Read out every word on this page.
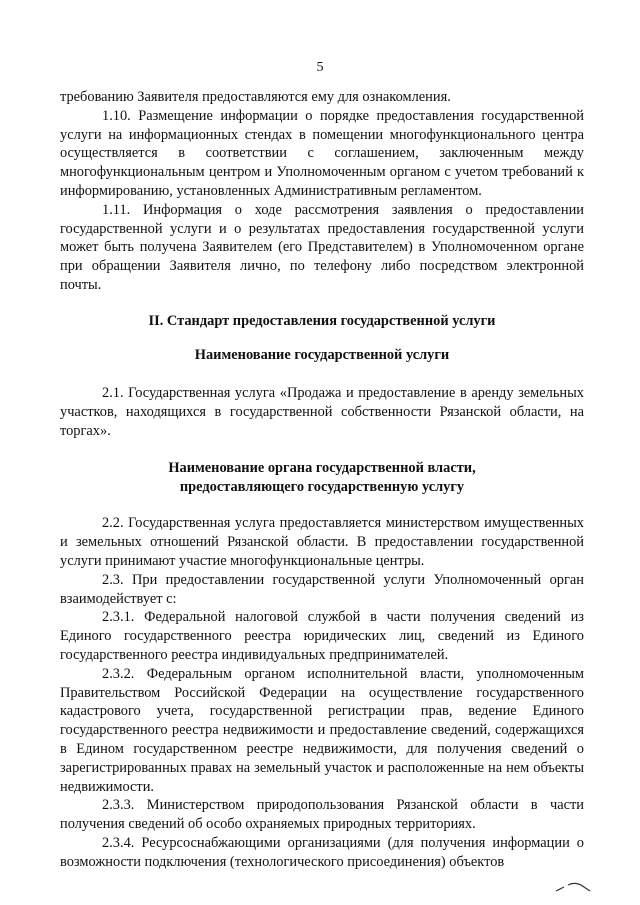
5

требованию Заявителя предоставляются ему для ознакомления.

1.10. Размещение информации о порядке предоставления государственной услуги на информационных стендах в помещении многофункционального центра осуществляется в соответствии с соглашением, заключенным между многофункциональным центром и Уполномоченным органом с учетом требований к информированию, установленных Административным регламентом.

1.11. Информация о ходе рассмотрения заявления о предоставлении государственной услуги и о результатах предоставления государственной услуги может быть получена Заявителем (его Представителем) в Уполномоченном органе при обращении Заявителя лично, по телефону либо посредством электронной почты.

II. Стандарт предоставления государственной услуги

Наименование государственной услуги

2.1. Государственная услуга «Продажа и предоставление в аренду земельных участков, находящихся в государственной собственности Рязанской области, на торгах».

Наименование органа государственной власти,
предоставляющего государственную услугу

2.2. Государственная услуга предоставляется министерством имущественных и земельных отношений Рязанской области. В предоставлении государственной услуги принимают участие многофункциональные центры.

2.3. При предоставлении государственной услуги Уполномоченный орган взаимодействует с:

2.3.1. Федеральной налоговой службой в части получения сведений из Единого государственного реестра юридических лиц, сведений из Единого государственного реестра индивидуальных предпринимателей.

2.3.2. Федеральным органом исполнительной власти, уполномоченным Правительством Российской Федерации на осуществление государственного кадастрового учета, государственной регистрации прав, ведение Единого государственного реестра недвижимости и предоставление сведений, содержащихся в Едином государственном реестре недвижимости, для получения сведений о зарегистрированных правах на земельный участок и расположенные на нем объекты недвижимости.

2.3.3. Министерством природопользования Рязанской области в части получения сведений об особо охраняемых природных территориях.

2.3.4. Ресурсоснабжающими организациями (для получения информации о возможности подключения (технологического присоединения) объектов
